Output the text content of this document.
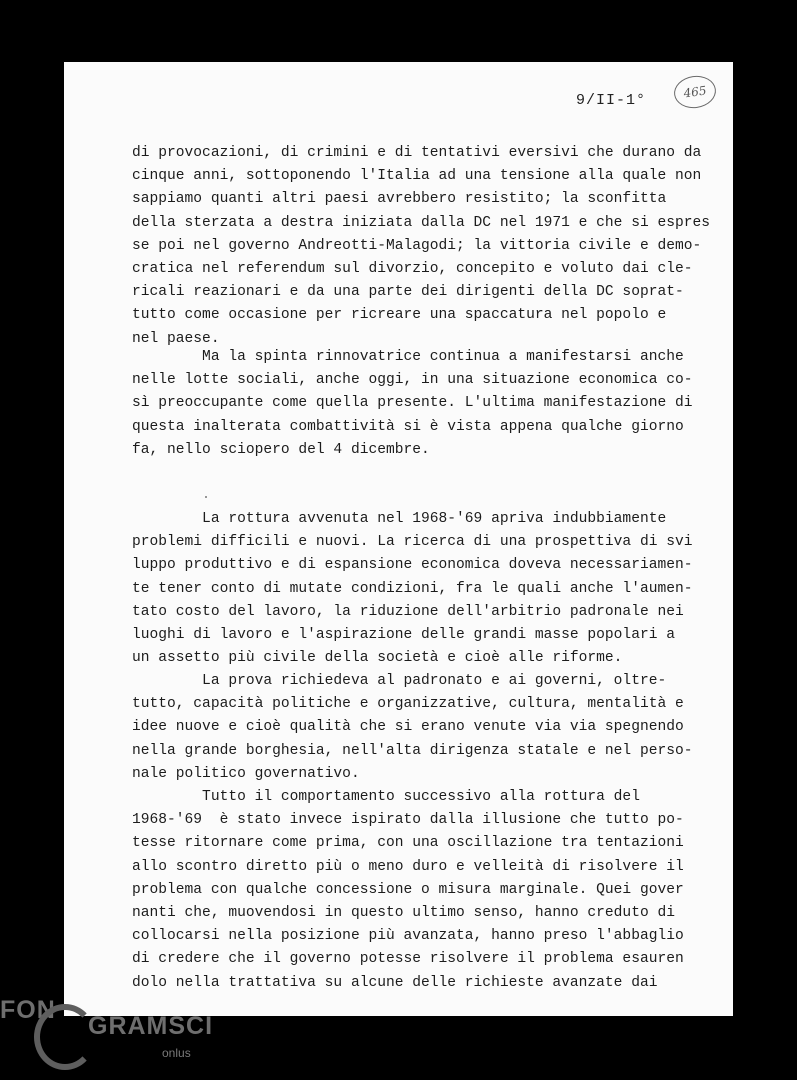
9/II-1°	465
di provocazioni, di crimini e di tentativi eversivi che durano da
cinque anni, sottoponendo l'Italia ad una tensione alla quale non
sappiamo quanti altri paesi avrebbero resistito; la sconfitta
della sterzata a destra iniziata dalla DC nel 1971 e che si espres
se poi nel governo Andreotti-Malagodi; la vittoria civile e demo-
cratica nel referendum sul divorzio, concepito e voluto dai cle-
ricali reazionari e da una parte dei dirigenti della DC soprat-
tutto come occasione per ricreare una spaccatura nel popolo e
nel paese.
Ma la spinta rinnovatrice continua a manifestarsi anche
nelle lotte sociali, anche oggi, in una situazione economica co-
sì preoccupante come quella presente. L'ultima manifestazione di
questa inalterata combattività si è vista appena qualche giorno
fa, nello sciopero del 4 dicembre.
La rottura avvenuta nel 1968-'69 apriva indubbiamente
problemi difficili e nuovi. La ricerca di una prospettiva di svi
luppo produttivo e di espansione economica doveva necessariamen-
te tener conto di mutate condizioni, fra le quali anche l'aumen-
tato costo del lavoro, la riduzione dell'arbitrio padronale nei
luoghi di lavoro e l'aspirazione delle grandi masse popolari a
un assetto più civile della società e cioè alle riforme.
La prova richiedeva al padronato e ai governi, oltre-
tutto, capacità politiche e organizzative, cultura, mentalità e
idee nuove e cioè qualità che si erano venute via via spegnendo
nella grande borghesia, nell'alta dirigenza statale e nel perso-
nale politico governativo.
Tutto il comportamento successivo alla rottura del
1968-'69  è stato invece ispirato dalla illusione che tutto po-
tesse ritornare come prima, con una oscillazione tra tentazioni
allo scontro diretto più o meno duro e velleità di risolvere il
problema con qualche concessione o misura marginale. Quei gover
nanti che, muovendosi in questo ultimo senso, hanno creduto di
collocarsi nella posizione più avanzata, hanno preso l'abbaglio
di credere che il governo potesse risolvere il problema esauren
dolo nella trattativa su alcune delle richieste avanzate dai
FON
GRAMSCI
onlus
